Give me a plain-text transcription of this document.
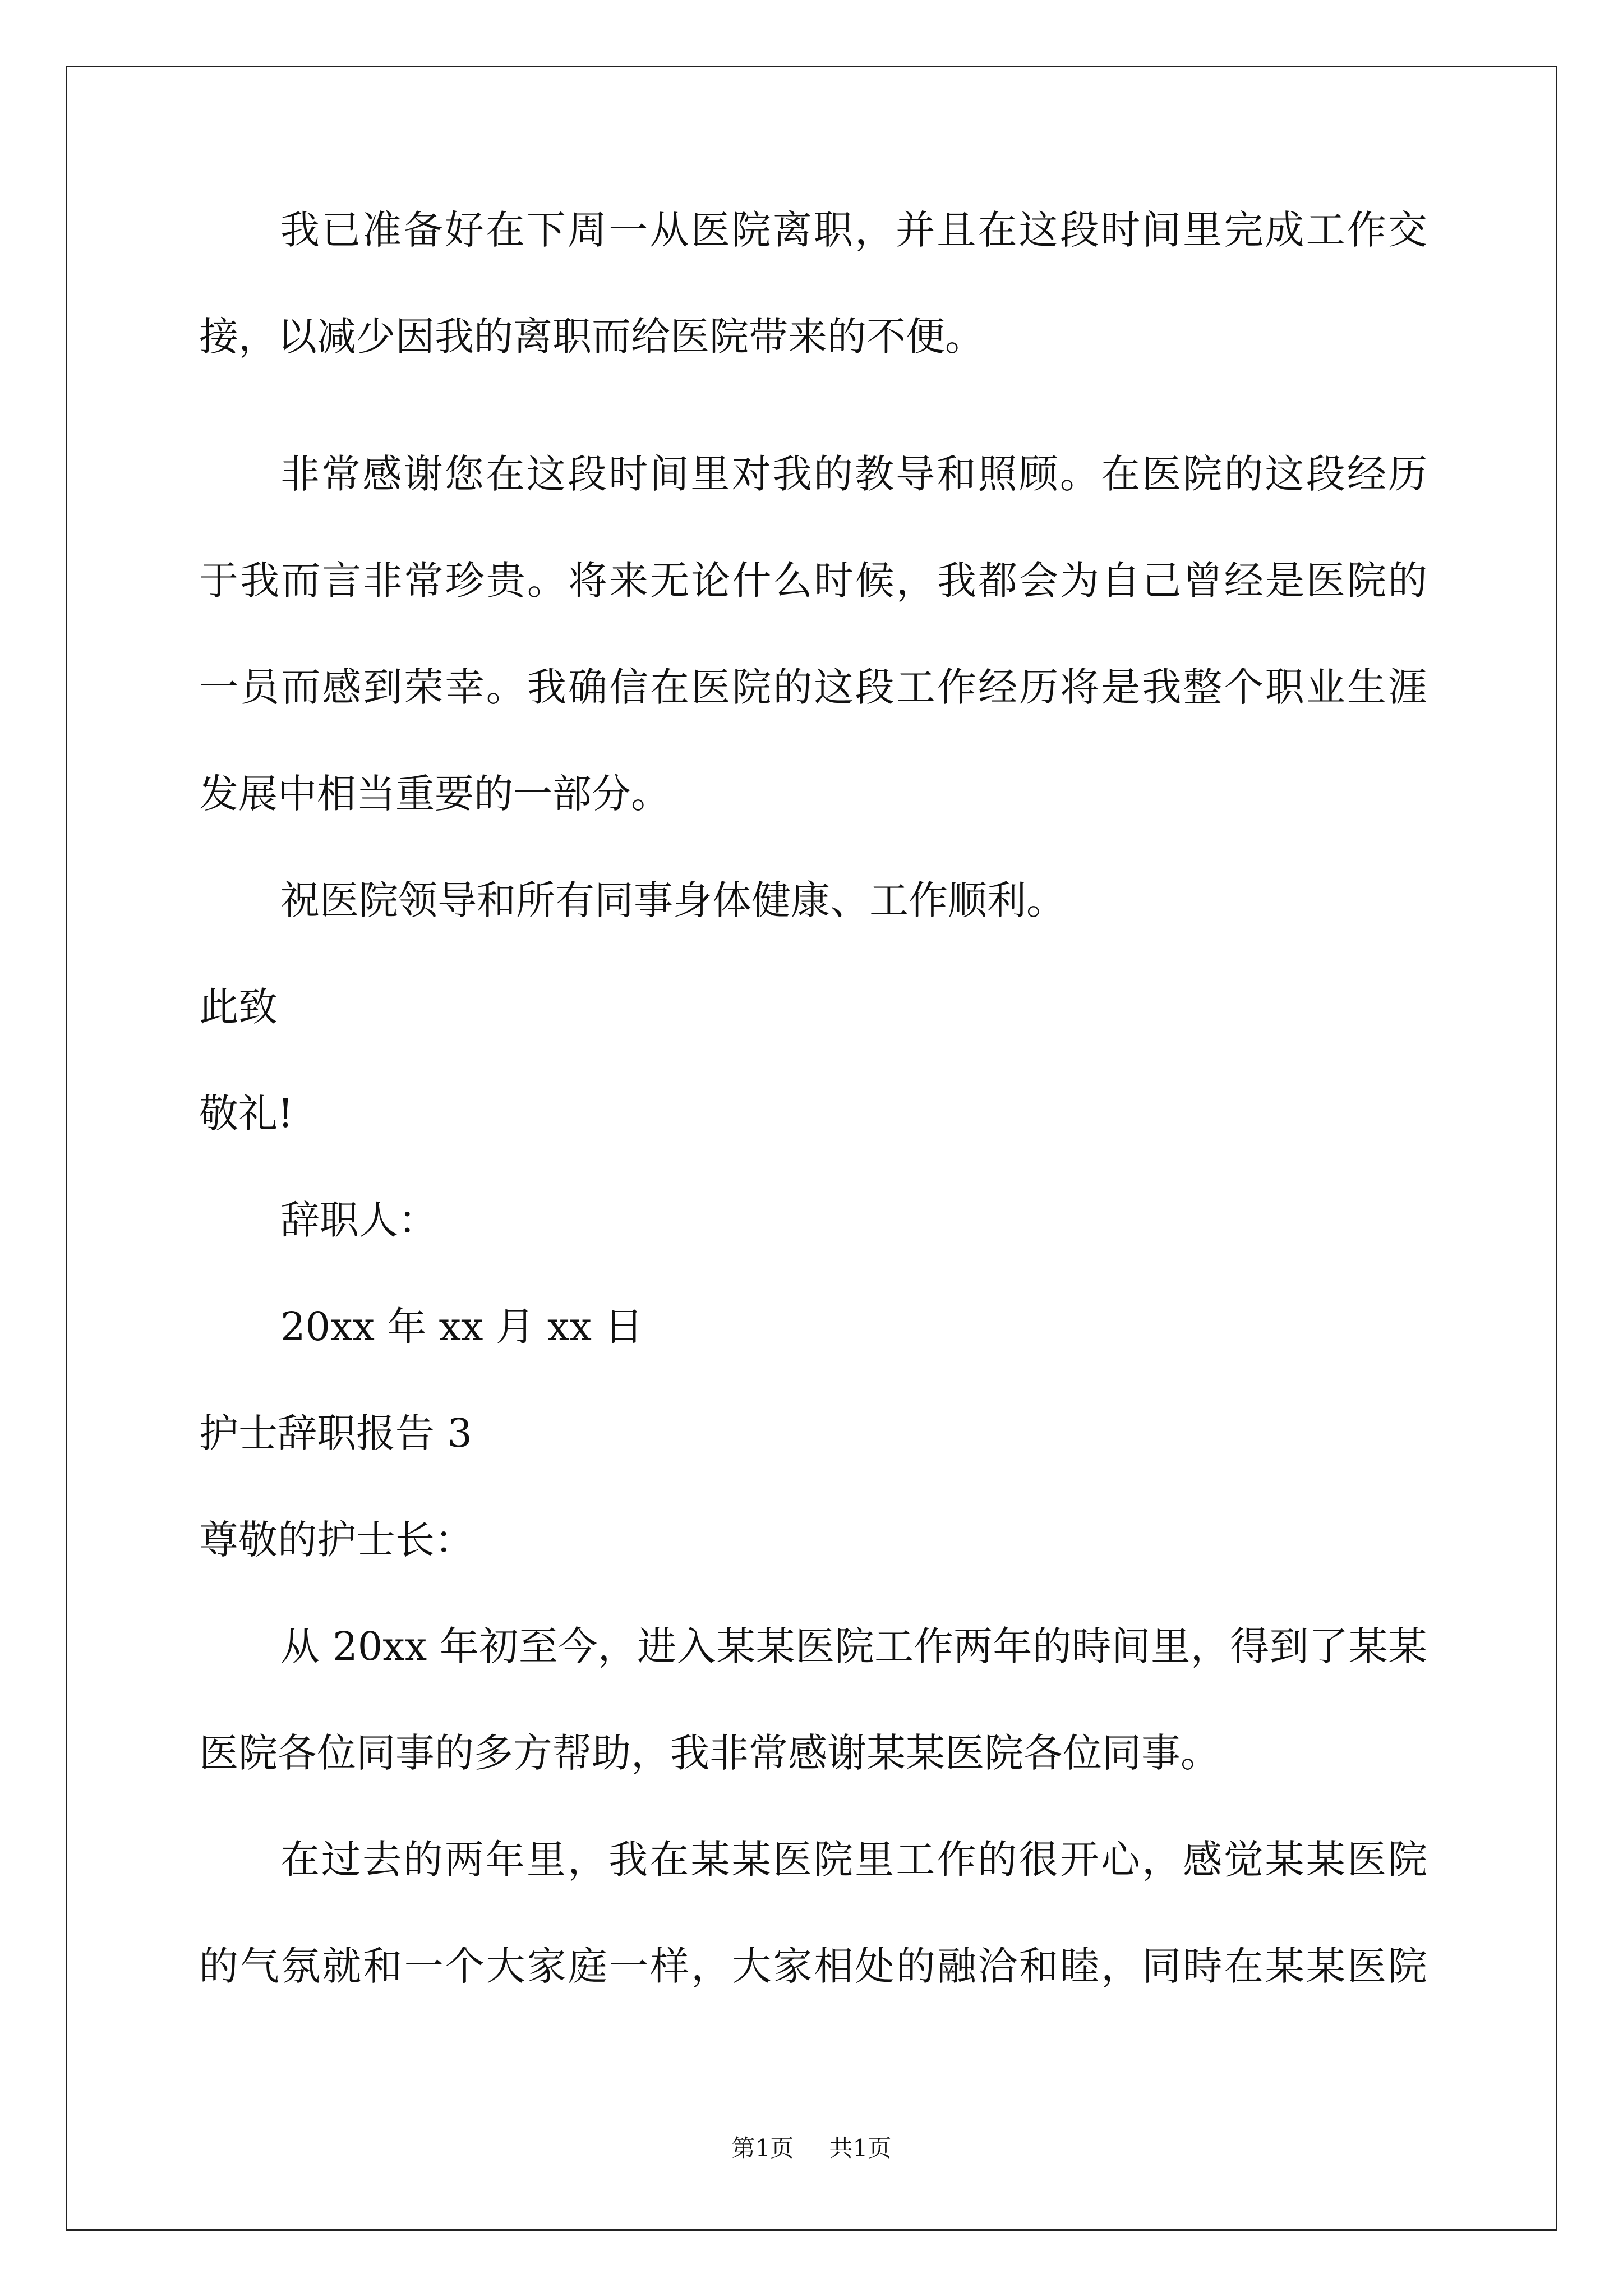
我已准备好在下周一从医院离职，并且在这段时间里完成工作交
接，以减少因我的离职而给医院带来的不便。
非常感谢您在这段时间里对我的教导和照顾。在医院的这段经历
于我而言非常珍贵。将来无论什么时候，我都会为自己曾经是医院的
一员而感到荣幸。我确信在医院的这段工作经历将是我整个职业生涯
发展中相当重要的一部分。
祝医院领导和所有同事身体健康、工作顺利。
此致
敬礼!
辞职人：
20xx 年 xx 月 xx 日
护士辞职报告 3
尊敬的护士长：
从 20xx 年初至今，进入某某医院工作两年的時间里，得到了某某
医院各位同事的多方帮助，我非常感谢某某医院各位同事。
在过去的两年里，我在某某医院里工作的很开心，感觉某某医院
的气氛就和一个大家庭一样，大家相处的融洽和睦，同時在某某医院
第1页 共1页
